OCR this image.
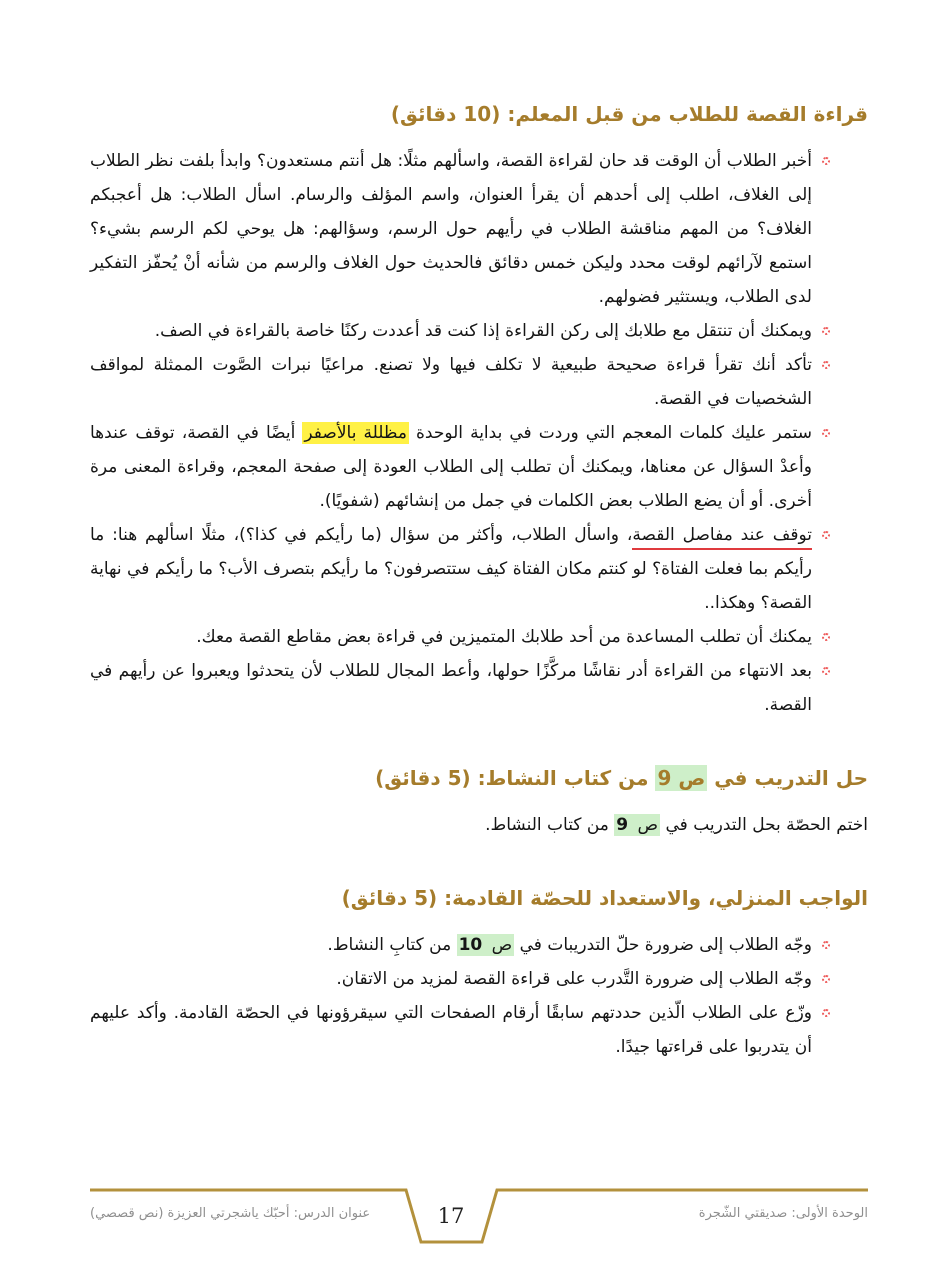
قراءة القصة للطلاب من قبل المعلم: (10 دقائق)
أخبر الطلاب أن الوقت قد حان لقراءة القصة، واسألهم مثلًا: هل أنتم مستعدون؟ وابدأ بلفت نظر الطلاب إلى الغلاف، اطلب إلى أحدهم أن يقرأ العنوان، واسم المؤلف والرسام. اسأل الطلاب: هل أعجبكم الغلاف؟ من المهم مناقشة الطلاب في رأيهم حول الرسم، وسؤالهم: هل يوحي لكم الرسم بشيء؟ استمع لآرائهم لوقت محدد وليكن خمس دقائق فالحديث حول الغلاف والرسم من شأنه أنْ يُحفّز التفكير لدى الطلاب، ويستثير فضولهم.
ويمكنك أن تنتقل مع طلابك إلى ركن القراءة إذا كنت قد أعددت ركنًا خاصة بالقراءة في الصف.
تأكد أنك تقرأ قراءة صحيحة طبيعية لا تكلف فيها ولا تصنع. مراعيًا نبرات الصَّوت الممثلة لمواقف الشخصيات في القصة.
ستمر عليك كلمات المعجم التي وردت في بداية الوحدة مظللة بالأصفر أيضًا في القصة، توقف عندها وأعدْ السؤال عن معناها، ويمكنك أن تطلب إلى الطلاب العودة إلى صفحة المعجم، وقراءة المعنى مرة أخرى. أو أن يضع الطلاب بعض الكلمات في جمل من إنشائهم (شفويًا).
توقف عند مفاصل القصة، واسأل الطلاب، وأكثر من سؤال (ما رأيكم في كذا؟)، مثلًا اسألهم هنا: ما رأيكم بما فعلت الفتاة؟ لو كنتم مكان الفتاة كيف ستتصرفون؟ ما رأيكم بتصرف الأب؟ ما رأيكم في نهاية القصة؟ وهكذا..
يمكنك أن تطلب المساعدة من أحد طلابك المتميزين في قراءة بعض مقاطع القصة معك.
بعد الانتهاء من القراءة أدر نقاشًا مركَّزًا حولها، وأعط المجال للطلاب لأن يتحدثوا ويعبروا عن رأيهم في القصة.
حل التدريب في ص 9 من كتاب النشاط: (5 دقائق)

اختم الحصّة بحل التدريب في ص 9 من كتاب النشاط.

الواجب المنزلي، والاستعداد للحصّة القادمة: (5 دقائق)
وجّه الطلاب إلى ضرورة حلّ التدريبات في ص 10 من كتابِ النشاط.
وجّه الطلاب إلى ضرورة التَّدرب على قراءة القصة لمزيد من الاتقان.
وزّع على الطلاب الّذين حددتهم سابقًا أرقام الصفحات التي سيقرؤونها في الحصّة القادمة. وأكد عليهم أن يتدربوا على قراءتها جيدًا.
17	الوحدة الأولى: صديقتي الشّجرة
عنوان الدرس: أحبّك ياشجرتي العزيزة (نص قصصي)
